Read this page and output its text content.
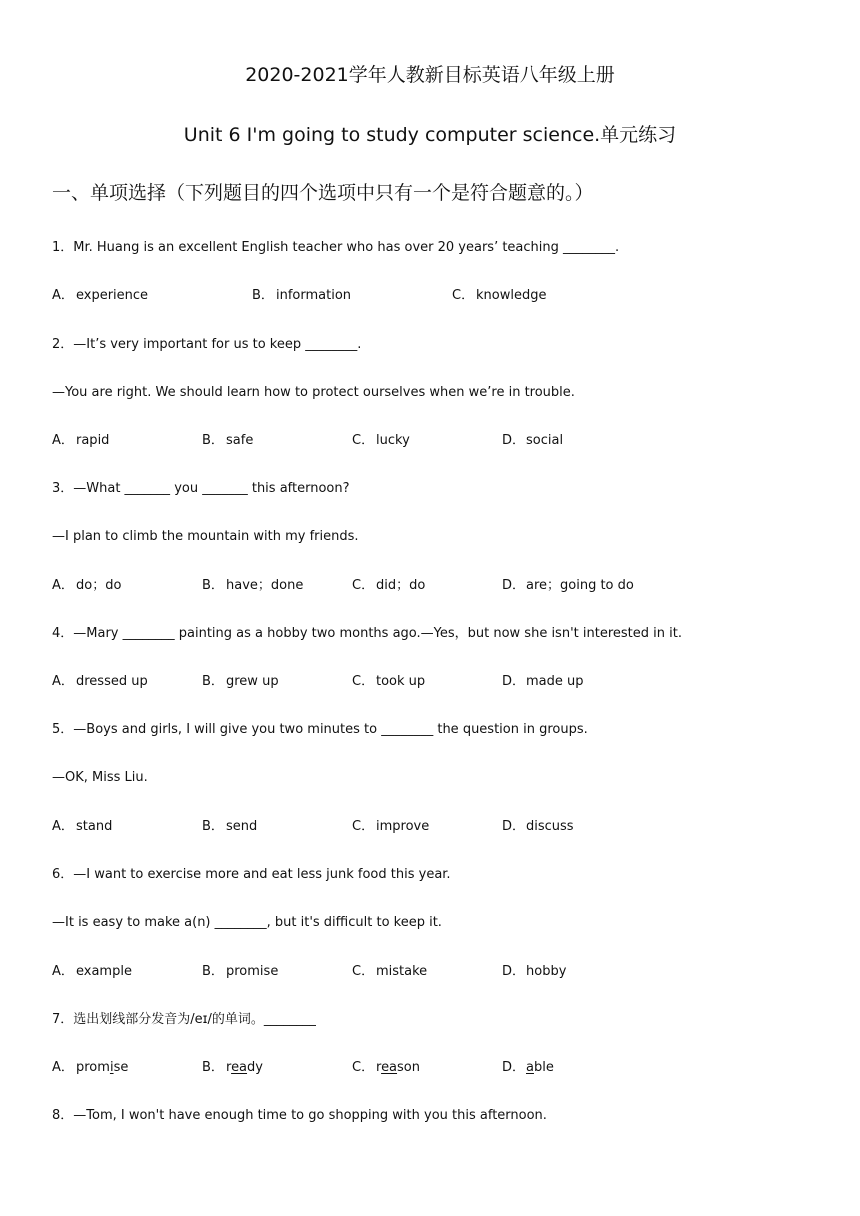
2020-2021学年人教新目标英语八年级上册
Unit 6 I'm going to study computer science.单元练习
一、单项选择（下列题目的四个选项中只有一个是符合题意的。）
1．Mr. Huang is an excellent English teacher who has over 20 years’ teaching ________.
A． experience	B． information	C． knowledge
2．—It’s very important for us to keep ________.
—You are right. We should learn how to protect ourselves when we’re in trouble.
A． rapid	B． safe	C． lucky	D．social
3．—What _______ you _______ this afternoon?
—I plan to climb the mountain with my friends.
A． do；do	B． have；done	C． did；do	D．are；going to do
4．—Mary ________ painting as a hobby two months ago.—Yes，but now she isn't interested in it.
A． dressed up	B． grew up	C． took up	D．made up
5．—Boys and girls, I will give you two minutes to ________ the question in groups.
—OK, Miss Liu.
A． stand	B． send	C． improve	D．discuss
6．—I want to exercise more and eat less junk food this year.
—It is easy to make a(n) ________, but it's difficult to keep it.
A． example	B． promise	C． mistake	D．hobby
7．选出划线部分发音为/eɪ/的单词。________
A． promise	B． ready	C． reason	D．able
8．—Tom, I won't have enough time to go shopping with you this afternoon.
